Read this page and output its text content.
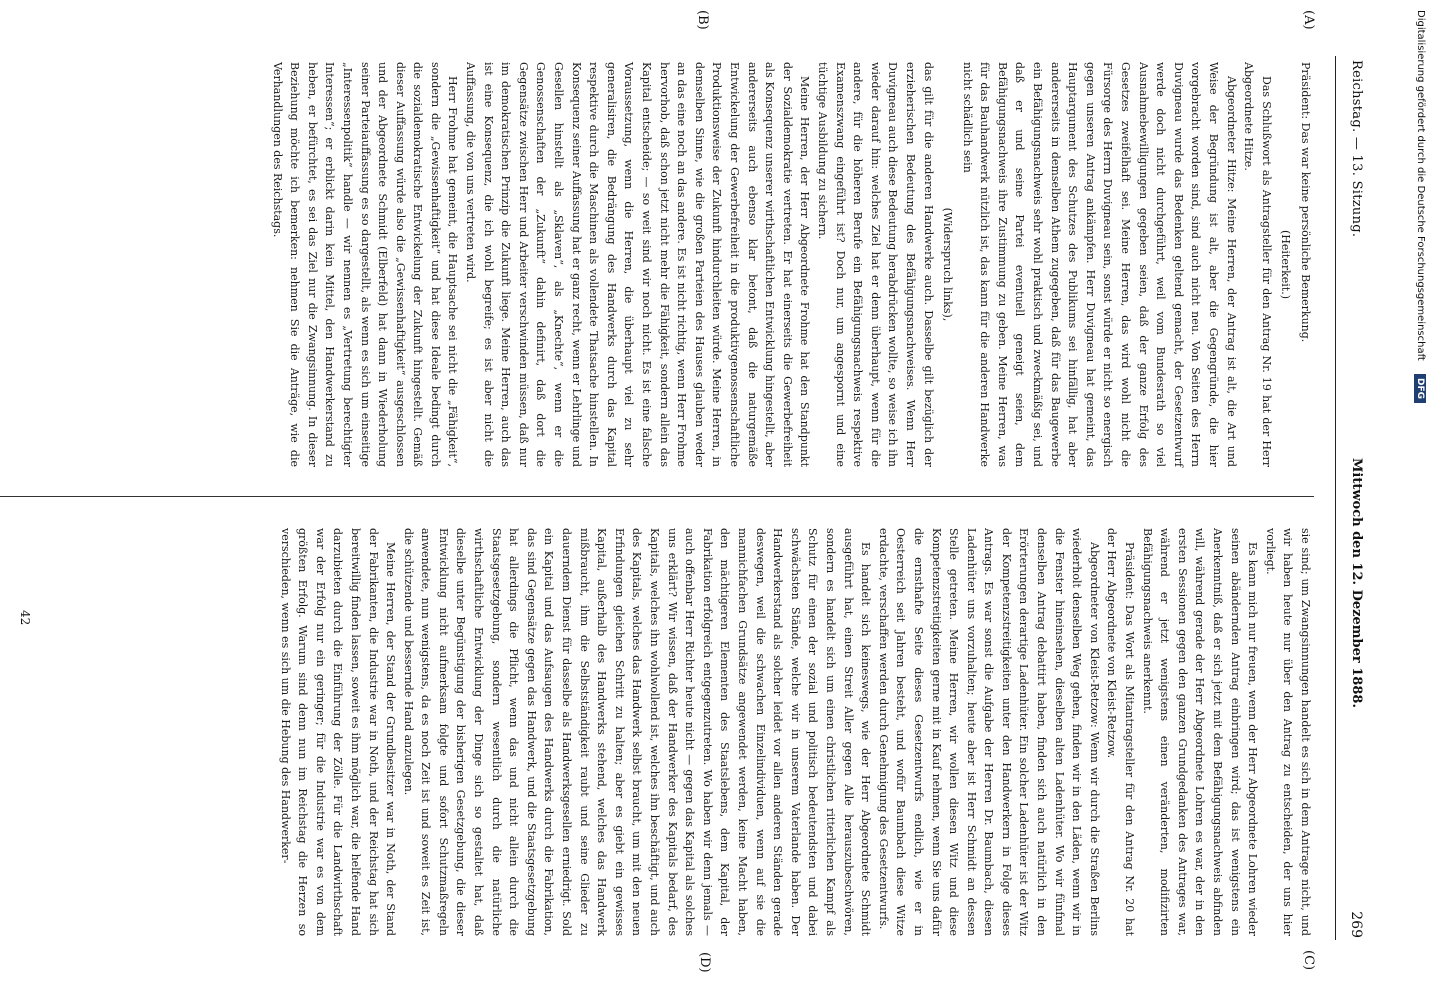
Reichstag. — 13. Sitzung.
Mittwoch den 12. Dezember 1888.
269
(A)
(B)
(C)
(D)

Präsident: Das war keine persönliche Bemerkung.

(Heiterkeit.)

Das Schlußwort als Antragsteller für den Antrag Nr. 19 hat der Herr Abgeordnete Hitze.

Abgeordneter Hitze: Meine Herren, der Antrag ist alt, die Art und Weise der Begründung ist alt, aber die Gegengründe, die hier vorgebracht worden sind, sind auch nicht neu. Von Seiten des Herrn Duvigneau wurde das Bedenken geltend gemacht, der Gesetzentwurf werde doch nicht durchgeführt, weil vom Bundesrath so viel Ausnahmebewilligungen gegeben seien, daß der ganze Erfolg des Gesetzes zweifelhaft sei. Meine Herren, das wird wohl nicht die Fürsorge des Herrn Duvigneau sein, sonst würde er nicht so energisch gegen unseren Antrag ankämpfen. Herr Duvigneau hat gemeint, das Hauptargument des Schutzes des Publikums sei hinfällig, hat aber andererseits in demselben Athem zugegeben, daß für das Baugewerbe ein Befähigungsnachweis sehr wohl praktisch und zweckmäßig sei, und daß er und seine Partei eventuell geneigt seien, dem Befähigungsnachweis ihre Zustimmung zu geben. Meine Herren, was für das Bauhandwerk nützlich ist, das kann für die anderen Handwerke nicht schädlich sein

(Widerspruch links),

das gilt für die anderen Handwerke auch. Dasselbe gilt bezüglich der erzieherischen Bedeutung des Befähigungsnachweises. Wenn Herr Duvigneau auch diese Bedeutung herabdrücken wollte, so weise ich ihn wieder darauf hin: welches Ziel hat er denn überhaupt, wenn für die andere, für die höheren Berufe ein Befähigungsnachweis respektive Examenszwang eingeführt ist? Doch nur, um angespornt und eine tüchtige Ausbildung zu sichern.

Meine Herren, der Herr Abgeordnete Frohme hat den Standpunkt der Sozialdemokratie vertreten. Er hat einerseits die Gewerbefreiheit als Konsequenz unserer wirthschaftlichen Entwicklung hingestellt, aber andererseits auch ebenso klar betont, daß die naturgemäße Entwickelung der Gewerbefreiheit in die produktivgenossenschaftliche Produktionsweise der Zukunft hindurchleiten würde. Meine Herren, in demselben Sinne, wie die großen Parteien des Hauses glauben weder an das eine noch an das andere. Es ist nicht richtig, wenn Herr Frohme hervorhob, daß schon jetzt nicht mehr die Fähigkeit, sondern allein das Kapital entscheide; — so weit sind wir noch nicht. Es ist eine falsche Voraussetzung, wenn die Herren, die überhaupt viel zu sehr generalisiren, die Bedrängung des Handwerks durch das Kapital respektive durch die Maschinen als vollendete Thatsache hinstellen. In Konsequenz seiner Auffassung hat er ganz recht, wenn er Lehrlinge und Gesellen hinstellt als „Sklaven“, als „Knechte“, wenn er die Genossenschaften der „Zukunft“ dahin definirt, daß dort die Gegensätze zwischen Herr und Arbeiter verschwinden müssen, daß nur im demokratischen Prinzip die Zukunft liege. Meine Herren, auch das ist eine Konsequenz, die ich wohl begreife; es ist aber nicht die Auffassung, die von uns vertreten wird.

Herr Frohme hat gemeint, die Hauptsache sei nicht die „Fähigkeit“, sondern die „Gewissenhaftigkeit“ und hat diese Ideale bedingt durch die sozialdemokratische Entwickelung der Zukunft hingestellt. Gemäß dieser Auffassung würde also die „Gewissenhaftigkeit“ ausgeschlossen und der Abgeordnete Schmidt (Elberfeld) hat dann in Wiederholung seiner Parteiauffassung es so dargestellt, als wenn es sich um einseitige „Interessenpolitik“ handle — wir nennen es „Vertretung berechtigter Interessen“; er erblickt darin kein Mittel, den Handwerkerstand zu heben, er befürchtet, es sei das Ziel nur die Zwangsinnung. In dieser Beziehung möchte ich bemerken: nehmen Sie die Anträge, wie die Verhandlungen des Reichstags.

sie sind; um Zwangsinnungen handelt es sich in dem Antrage nicht, und wir haben heute nur über den Antrag zu entscheiden, der uns hier vorliegt.

Es kann mich nur freuen, wenn der Herr Abgeordnete Lohren wieder seinen abändernden Antrag einbringen wird; das ist wenigstens ein Anerkenntniß, daß er sich jetzt mit dem Befähigungsnachweis abfinden will, während gerade der Herr Abgeordnete Lohren es war, der in den ersten Sessionen gegen den ganzen Grundgedanken des Antrages war, während er jetzt wenigstens einen veränderten, modifizirten Befähigungsnachweis anerkennt.

Präsident: Das Wort als Mitantragsteller für den Antrag Nr. 20 hat der Herr Abgeordnete von Kleist-Retzow.

Abgeordneter von Kleist-Retzow: Wenn wir durch die Straßen Berlins wiederholt denselben Weg gehen, finden wir in den Läden, wenn wir in die Fenster hineinsehen, dieselben alten Ladenhüter. Wo wir fünfmal denselben Antrag debattirt haben, finden sich auch natürlich in den Erörterungen derartige Ladenhüter. Ein solcher Ladenhüter ist der Witz der Kompetenzstreitigkeiten unter den Handwerkern in Folge dieses Antrags. Es war sonst die Aufgabe der Herren Dr. Baumbach, diesen Ladenhüter uns vorzuhalten; heute aber ist Herr Schmidt an dessen Stelle getreten. Meine Herren, wir wollen diesen Witz und diese Kompetenzstreitigkeiten gerne mit in Kauf nehmen, wenn Sie uns dafür die ernsthafte Seite dieses Gesetzentwurfs endlich, wie er in Oesterreich seit Jahren besteht, und wofür Baumbach diese Witze erdachte, verschaffen werden durch Genehmigung des Gesetzentwurfs.

Es handelt sich keineswegs, wie der Herr Abgeordnete Schmidt ausgeführt hat, einen Streit Aller gegen Alle herauszubeschwören, sondern es handelt sich um einen christlichen ritterlichen Kampf als Schutz für einen der sozial und politisch bedeutendsten und dabei schwächsten Stände, welche wir in unserem Vaterlande haben. Der Handwerkerstand als solcher leidet vor allen anderen Ständen gerade deswegen, weil die schwachen Einzelindividuen, wenn auf sie die mannichfachen Grundsätze angewendet werden, keine Macht haben, den mächtigeren Elementen des Staatslebens, dem Kapital, der Fabrikation erfolgreich entgegenzutreten. Wo haben wir denn jemals — auch offenbar Herr Richter heute nicht — gegen das Kapital als solches uns erklärt? Wir wissen, daß der Handwerker des Kapitals bedarf, des Kapitals, welches ihn wohlwollend ist, welches ihn beschäftigt, und auch des Kapitals, welches das Handwerk selbst braucht, um mit den neuen Erfindungen gleichen Schritt zu halten; aber es giebt ein gewisses Kapital, außerhalb des Handwerks stehend, welches das Handwerk mißbraucht, ihm die Selbstständigkeit raubt und seine Glieder zu dauerndem Dienst für dasselbe als Handwerksgesellen erniedrigt. Sold ein Kapital und das Aufsaugen des Handwerks durch die Fabrikation, das sind Gegensätze gegen das Handwerk, und die Staatsgesetzgebung hat allerdings die Pflicht, wenn das und nicht allein durch die Staatsgesetzgebung, sondern wesentlich durch die natürliche wirthschaftliche Entwicklung der Dinge sich so gestaltet hat, daß dieselbe unter Begünstigung der bisherigen Gesetzgebung, die dieser Entwicklung nicht aufmerksam folgte und sofort Schutzmaßregeln anwendete, nun wenigstens, da es noch Zeit ist und soweit es Zeit ist, die schützende und bessernde Hand anzulegen.

Meine Herren, der Stand der Grundbesitzer war in Noth, der Stand der Fabrikanten, die Industrie war in Noth, und der Reichstag hat sich bereitwillig finden lassen, soweit es ihm möglich war, die helfende Hand darzubieten durch die Einführung der Zölle. Für die Landwirthschaft war der Erfolg nur ein geringer; für die Industrie war es von dem größten Erfolg. Warum sind denn nun im Reichstag die Herzen so verschieden, wenn es sich um die Hebung des Handwerker-

42
Digitalisierung gefördert durch die Deutsche Forschungsgemeinschaft DFG
